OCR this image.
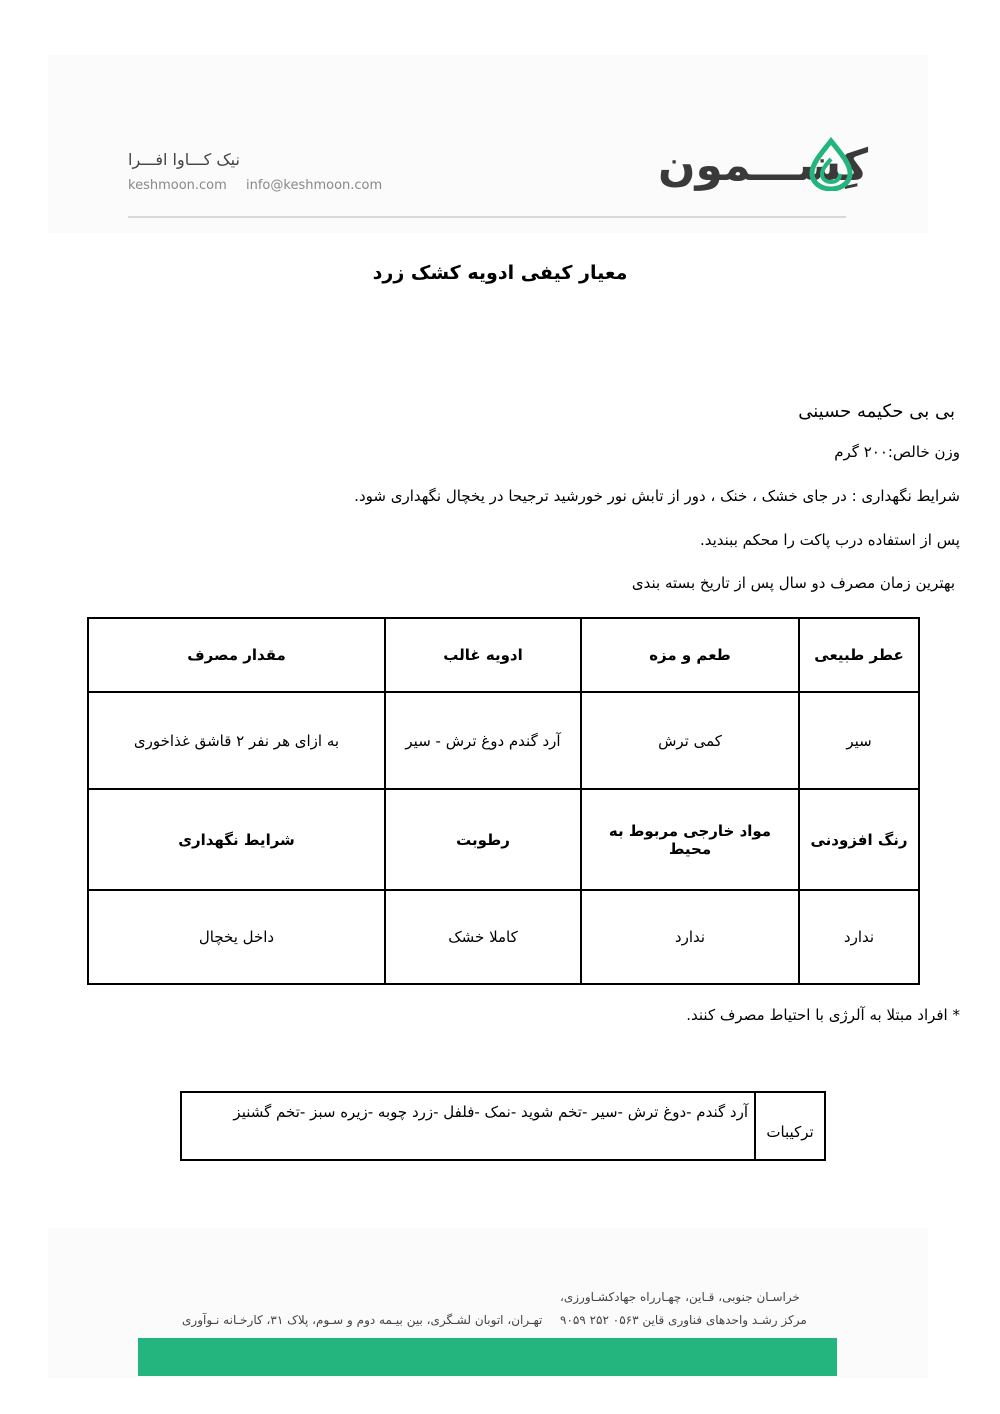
کِشـــمون
نیک کـــاوا افـــرا
keshmoon.com info@keshmoon.com
معیار کیفی ادویه کشک زرد
بی بی حکیمه حسینی
وزن خالص:۲۰۰ گرم
شرایط نگهداری : در جای خشک ، خنک ، دور از تابش نور خورشید ترجیحا در یخچال نگهداری شود.
پس از استفاده درب پاکت را محکم ببندید.
بهترین زمان مصرف دو سال پس از تاریخ بسته بندی
عطر طبیعی	طعم و مزه	ادویه غالب	مقدار مصرف
سیر	کمی ترش	آرد گندم دوغ ترش - سیر	به ازای هر نفر ۲ قاشق غذاخوری
رنگ افزودنی	مواد خارجی مربوط به محیط	رطوبت	شرایط نگهداری
ندارد	ندارد	کاملا خشک	داخل یخچال
* افراد مبتلا به آلرژی با احتیاط مصرف کنند.
ترکیبات	آرد گندم -دوغ ترش -سیر -تخم شوید -نمک -فلفل -زرد چوبه -زیره سبز -تخم گشنیز
خراسـان جنوبی، قـاین، چهـارراه جهادکشـاورزی،
مرکز رشـد واحدهای فناوری قاین ۰۵۶۳ ۲۵۲ ۹۰۵۹
تهـران، اتوبان لشـگری، بین بیـمه دوم و سـوم، پلاک ۳۱، کارخـانه نـوآوری
